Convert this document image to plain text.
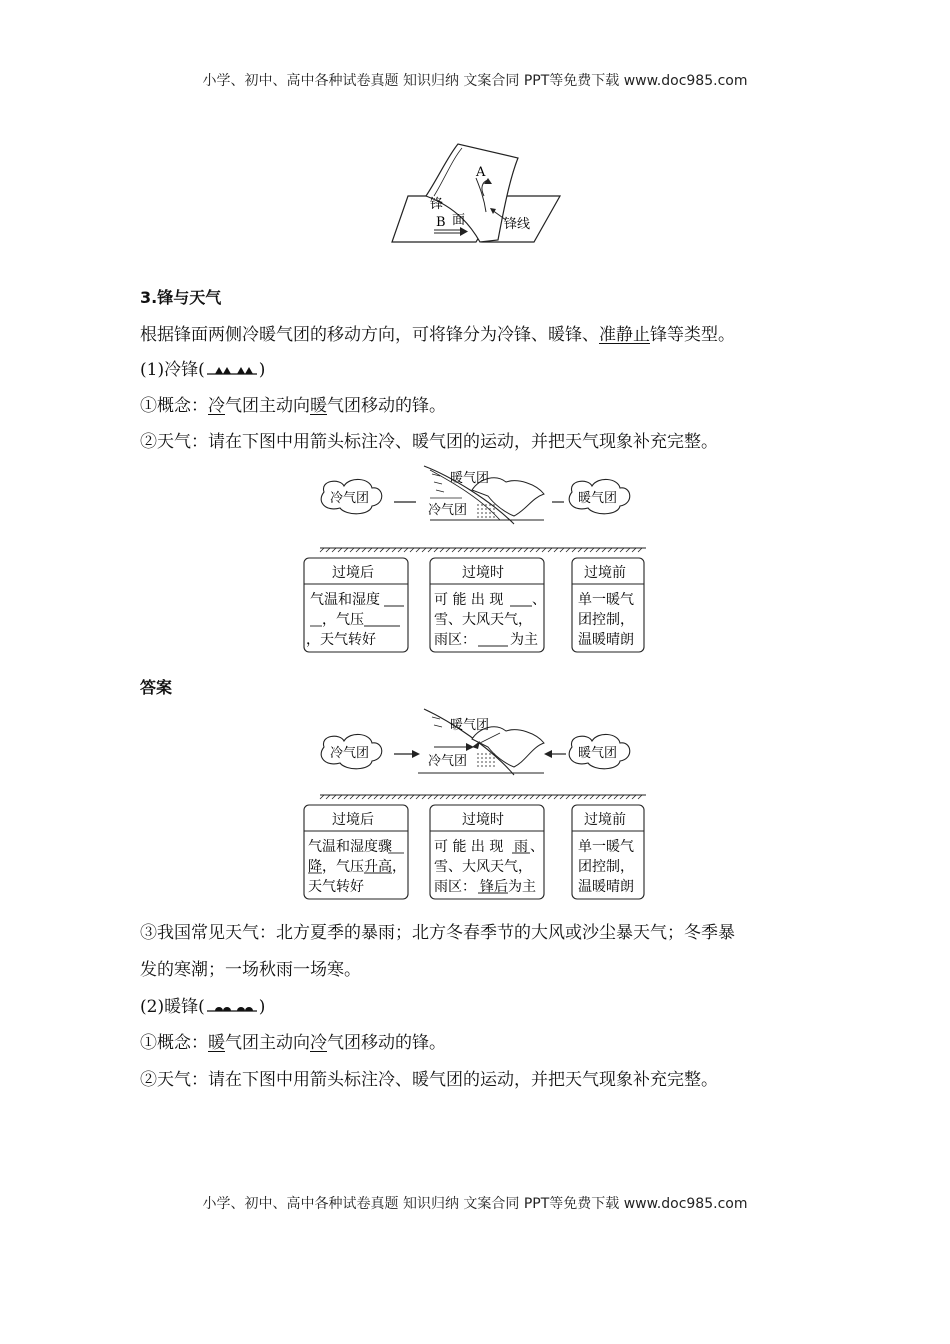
小学、初中、高中各种试卷真题 知识归纳 文案合同 PPT等免费下载 www.doc985.com
A
锋
面
B	锋线
3.锋与天气
根据锋面两侧冷暖气团的移动方向，可将锋分为冷锋、暖锋、准静止锋等类型。
(1)冷锋(	)
①概念：冷气团主动向暖气团移动的锋。
②天气：请在下图中用箭头标注冷、暖气团的运动，并把天气现象补充完整。
冷气团	暖气团
暖气团
冷气团
过境后
气温和湿度
，气压
，天气转好
过境时
可 能 出 现 、
雪、大风天气，
雨区： 为主
过境前
单一暖气
团控制，
温暖晴朗
答案
冷气团	暖气团
暖气团
冷气团
过境后
气温和湿度骤
降 ，气压 升高 ，
天气转好
过境时
可 能 出 现 雨 、
雪、大风天气，
雨区： 锋后 为主
过境前
单一暖气
团控制，
温暖晴朗
③我国常见天气：北方夏季的暴雨；北方冬春季节的大风或沙尘暴天气；冬季暴
发的寒潮；一场秋雨一场寒。
(2)暖锋(	)
①概念：暖气团主动向冷气团移动的锋。
②天气：请在下图中用箭头标注冷、暖气团的运动，并把天气现象补充完整。
小学、初中、高中各种试卷真题 知识归纳 文案合同 PPT等免费下载 www.doc985.com
